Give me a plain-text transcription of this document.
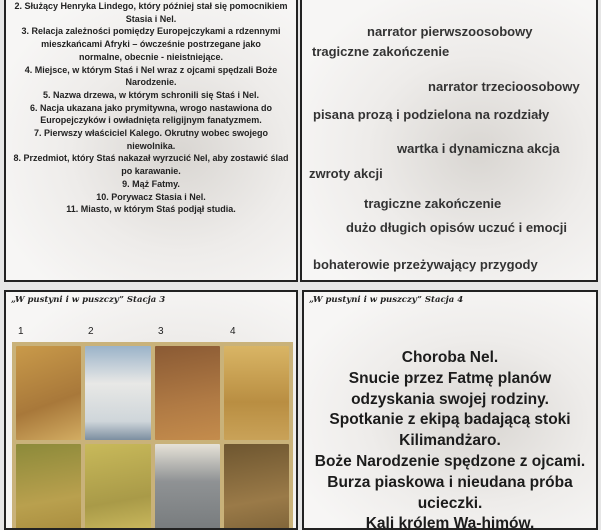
2. Służący Henryka Lindego, który później stał się pomocnikiem Stasia i Nel.
3. Relacja zależności pomiędzy Europejczykami a rdzennymi mieszkańcami Afryki – ówcześnie postrzegane jako normalne, obecnie - nieistniejące.
4. Miejsce, w którym Staś i Nel wraz z ojcami spędzali Boże Narodzenie.
5. Nazwa drzewa, w którym schronili się Staś i Nel.
6. Nacja ukazana jako prymitywna, wrogo nastawiona do Europejczyków i owładnięta religijnym fanatyzmem.
7. Pierwszy właściciel Kalego. Okrutny wobec swojego niewolnika.
8. Przedmiot, który Staś nakazał wyrzucić Nel, aby zostawić ślad po karawanie.
9. Mąż Fatmy.
10. Porywacz Stasia i Nel.
11. Miasto, w którym Staś podjął studia.
narrator pierwszoosobowy
tragiczne zakończenie
narrator trzecioosobowy
pisana prozą i podzielona na rozdziały
wartka i dynamiczna akcja
zwroty akcji
tragiczne zakończenie
dużo długich opisów uczuć i emocji
bohaterowie przeżywający przygody
„W pustyni i w puszczy” Stacja 3
1	2	3	4
„W pustyni i w puszczy” Stacja 4
Choroba Nel.
Snucie przez Fatmę planów
odzyskania swojej rodziny.
Spotkanie z ekipą badającą stoki
Kilimandżaro.
Boże Narodzenie spędzone z ojcami.
Burza piaskowa i nieudana próba
ucieczki.
Kali królem Wa-himów.
